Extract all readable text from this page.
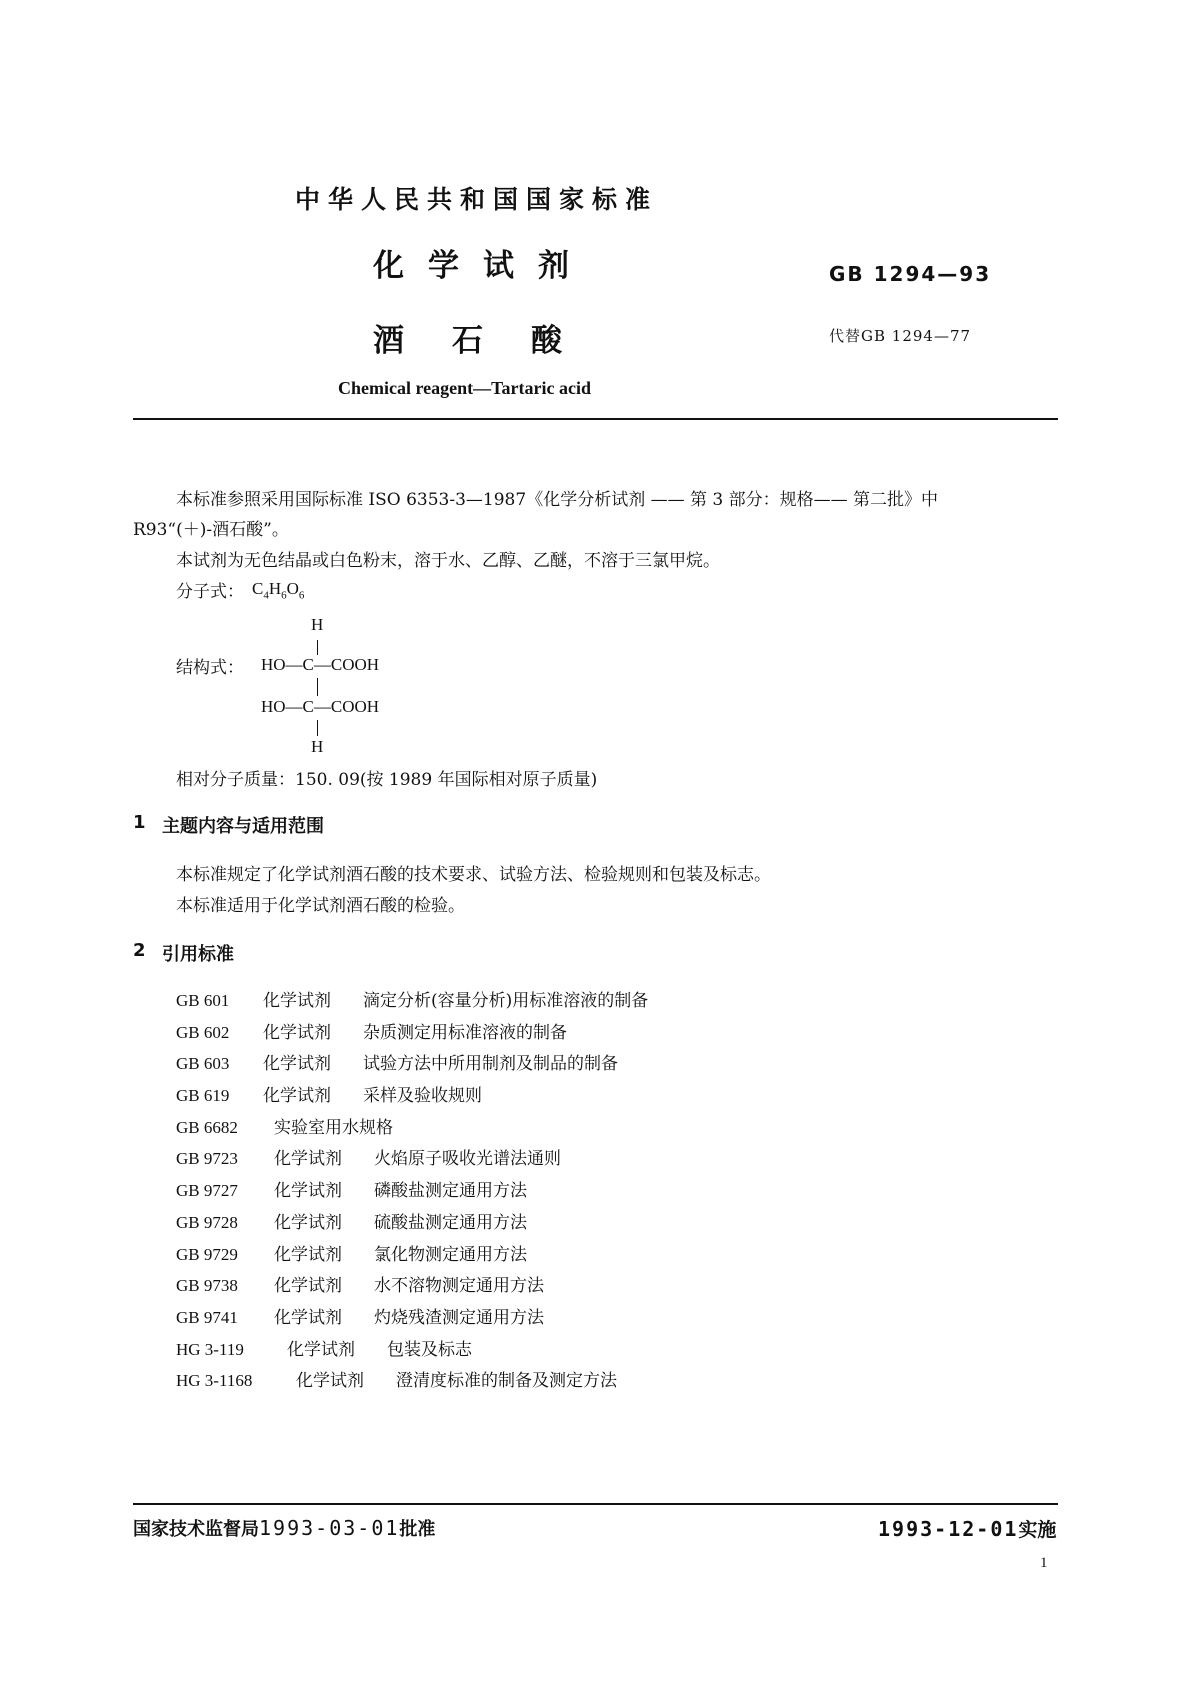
中华人民共和国国家标准
化学试剂
酒石酸
GB 1294—93
代替GB 1294—77
Chemical reagent—Tartaric acid
本标准参照采用国际标准 ISO 6353-3—1987《化学分析试剂 —— 第 3 部分：规格—— 第二批》中
R93“(＋)-酒石酸”。
本试剂为无色结晶或白色粉末，溶于水、乙醇、乙醚，不溶于三氯甲烷。
分子式： $C_4H_6O_6$
结构式：
H
HO—C—COOH
HO—C—COOH
H
相对分子质量：150. 09(按 1989 年国际相对原子质量)
1 主题内容与适用范围
本标准规定了化学试剂酒石酸的技术要求、试验方法、检验规则和包装及标志。
本标准适用于化学试剂酒石酸的检验。
2 引用标准
GB 601 化学试剂 滴定分析(容量分析)用标准溶液的制备
GB 602 化学试剂 杂质测定用标准溶液的制备
GB 603 化学试剂 试验方法中所用制剂及制品的制备
GB 619 化学试剂 采样及验收规则
GB 6682 实验室用水规格
GB 9723 化学试剂 火焰原子吸收光谱法通则
GB 9727 化学试剂 磷酸盐测定通用方法
GB 9728 化学试剂 硫酸盐测定通用方法
GB 9729 化学试剂 氯化物测定通用方法
GB 9738 化学试剂 水不溶物测定通用方法
GB 9741 化学试剂 灼烧残渣测定通用方法
HG 3-119	化学试剂 包装及标志
HG 3-1168	化学试剂 澄清度标准的制备及测定方法
国家技术监督局1993-03-01批准	1993-12-01实施
1
